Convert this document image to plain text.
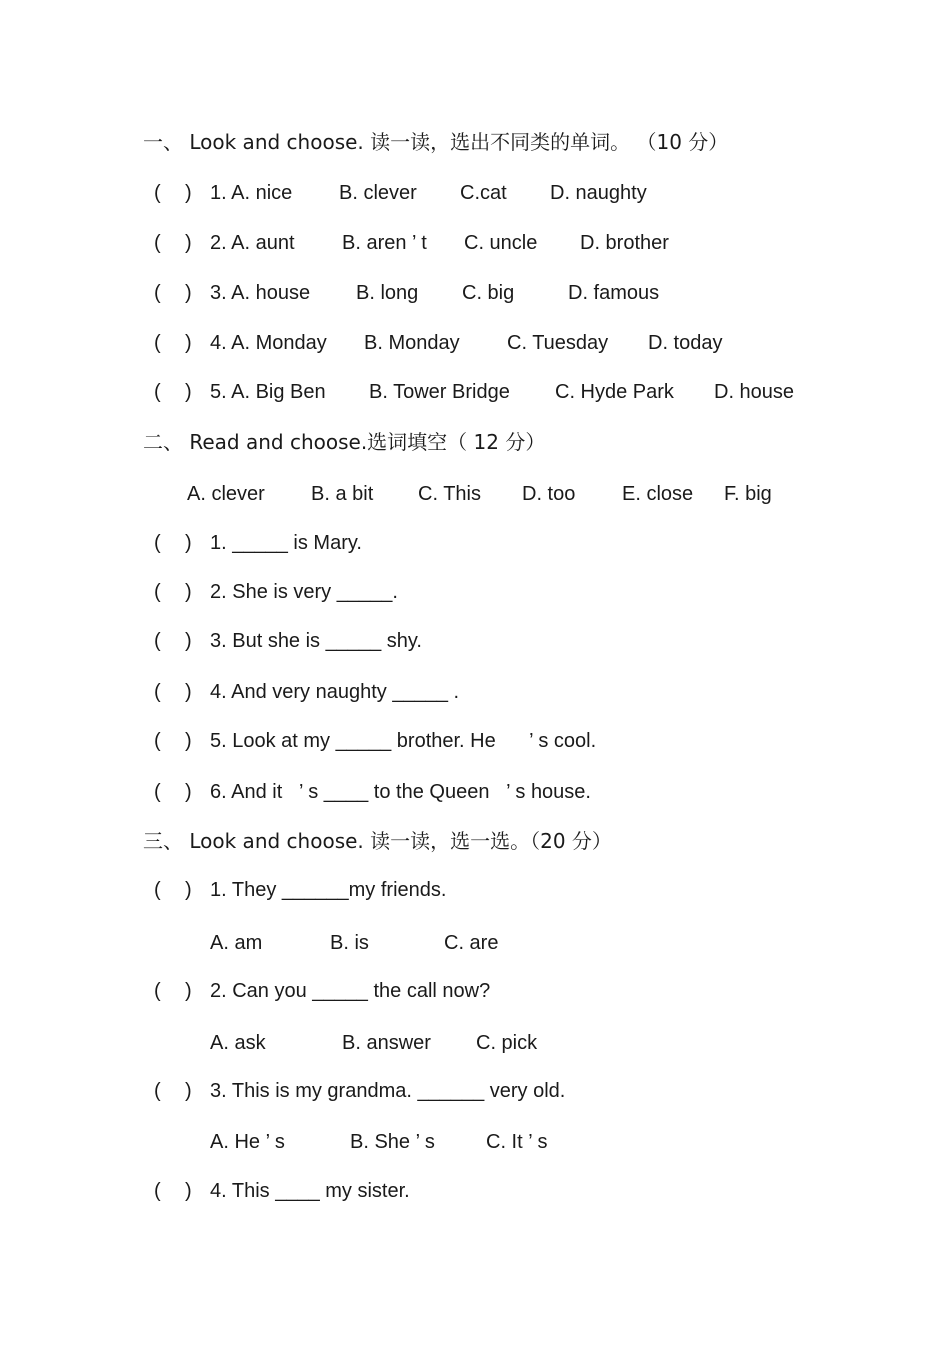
一、 Look and choose. 读一读，选出不同类的单词。 （10 分）
( ) 1. A. nice B. clever C.cat D. naughty
( ) 2. A. aunt B. aren ’ t C. uncle D. brother
( ) 3. A. house B. long C. big	D. famous
( ) 4. A. Monday B. Monday C. Tuesday D. today
( ) 5. A. Big Ben B. Tower Bridge C. Hyde Park D. house
二、 Read and choose.选词填空（ 12 分）
A. clever B. a bit C. This D. too E. close F. big
( ) 1. _____ is Mary.
( ) 2. She is very _____.
( ) 3. But she is _____ shy.
( ) 4. And very naughty _____ .
( ) 5. Look at my _____ brother. He      ’ s cool.
( ) 6. And it   ’ s ____ to the Queen   ’ s house.
三、 Look and choose. 读一读，选一选。（20 分）
( ) 1. They ______my friends.
A. am	B. is	C. are
( ) 2. Can you _____ the call now?
A. ask	B. answer C. pick
( ) 3. This is my grandma. ______ very old.
A. He ’ s	B. She ’ s	C. It ’ s
( ) 4. This ____ my sister.
